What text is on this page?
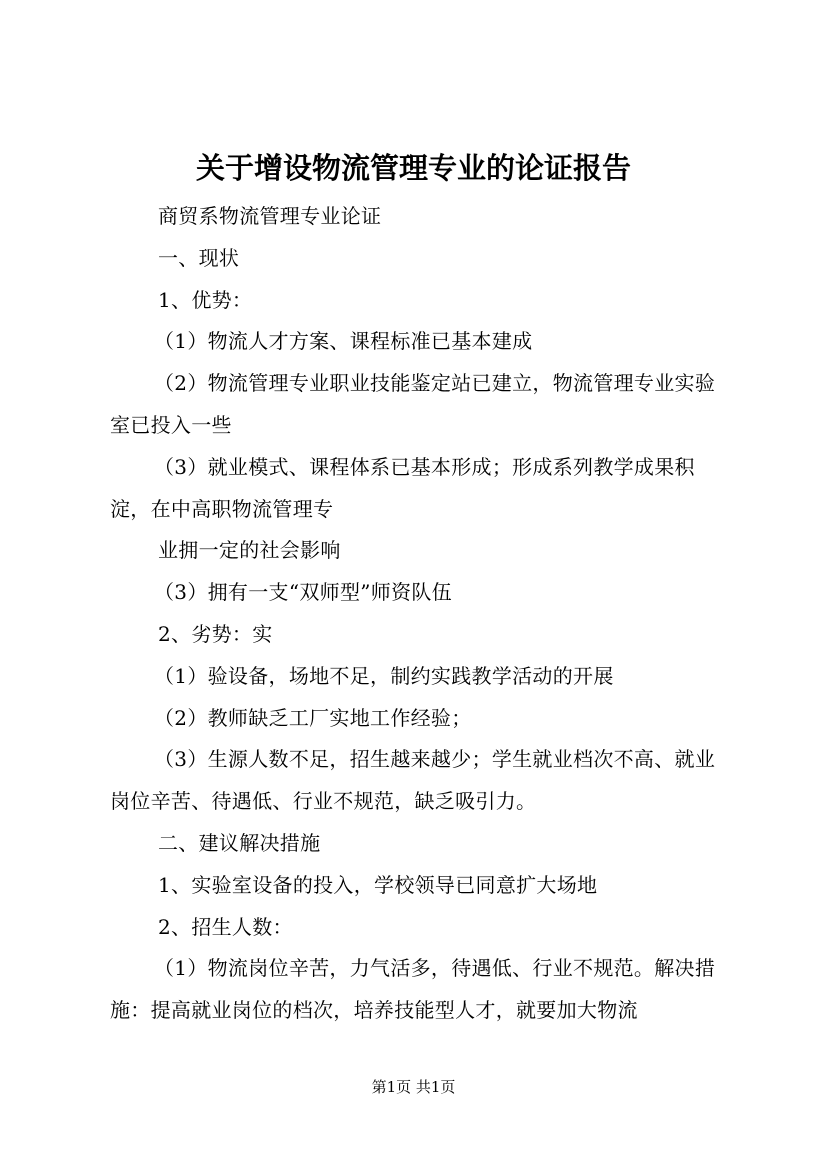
关于增设物流管理专业的论证报告

商贸系物流管理专业论证

一、现状

1、优势：

（1）物流人才方案、课程标准已基本建成

（2）物流管理专业职业技能鉴定站已建立，物流管理专业实验室已投入一些

（3）就业模式、课程体系已基本形成；形成系列教学成果积淀，在中高职物流管理专

业拥一定的社会影响

（3）拥有一支“双师型”师资队伍

2、劣势：实

（1）验设备，场地不足，制约实践教学活动的开展

（2）教师缺乏工厂实地工作经验；

（3）生源人数不足，招生越来越少；学生就业档次不高、就业岗位辛苦、待遇低、行业不规范，缺乏吸引力。

二、建议解决措施

1、实验室设备的投入，学校领导已同意扩大场地

2、招生人数：

（1）物流岗位辛苦，力气活多，待遇低、行业不规范。解决措施：提高就业岗位的档次，培养技能型人才，就要加大物流

第1页 共1页
